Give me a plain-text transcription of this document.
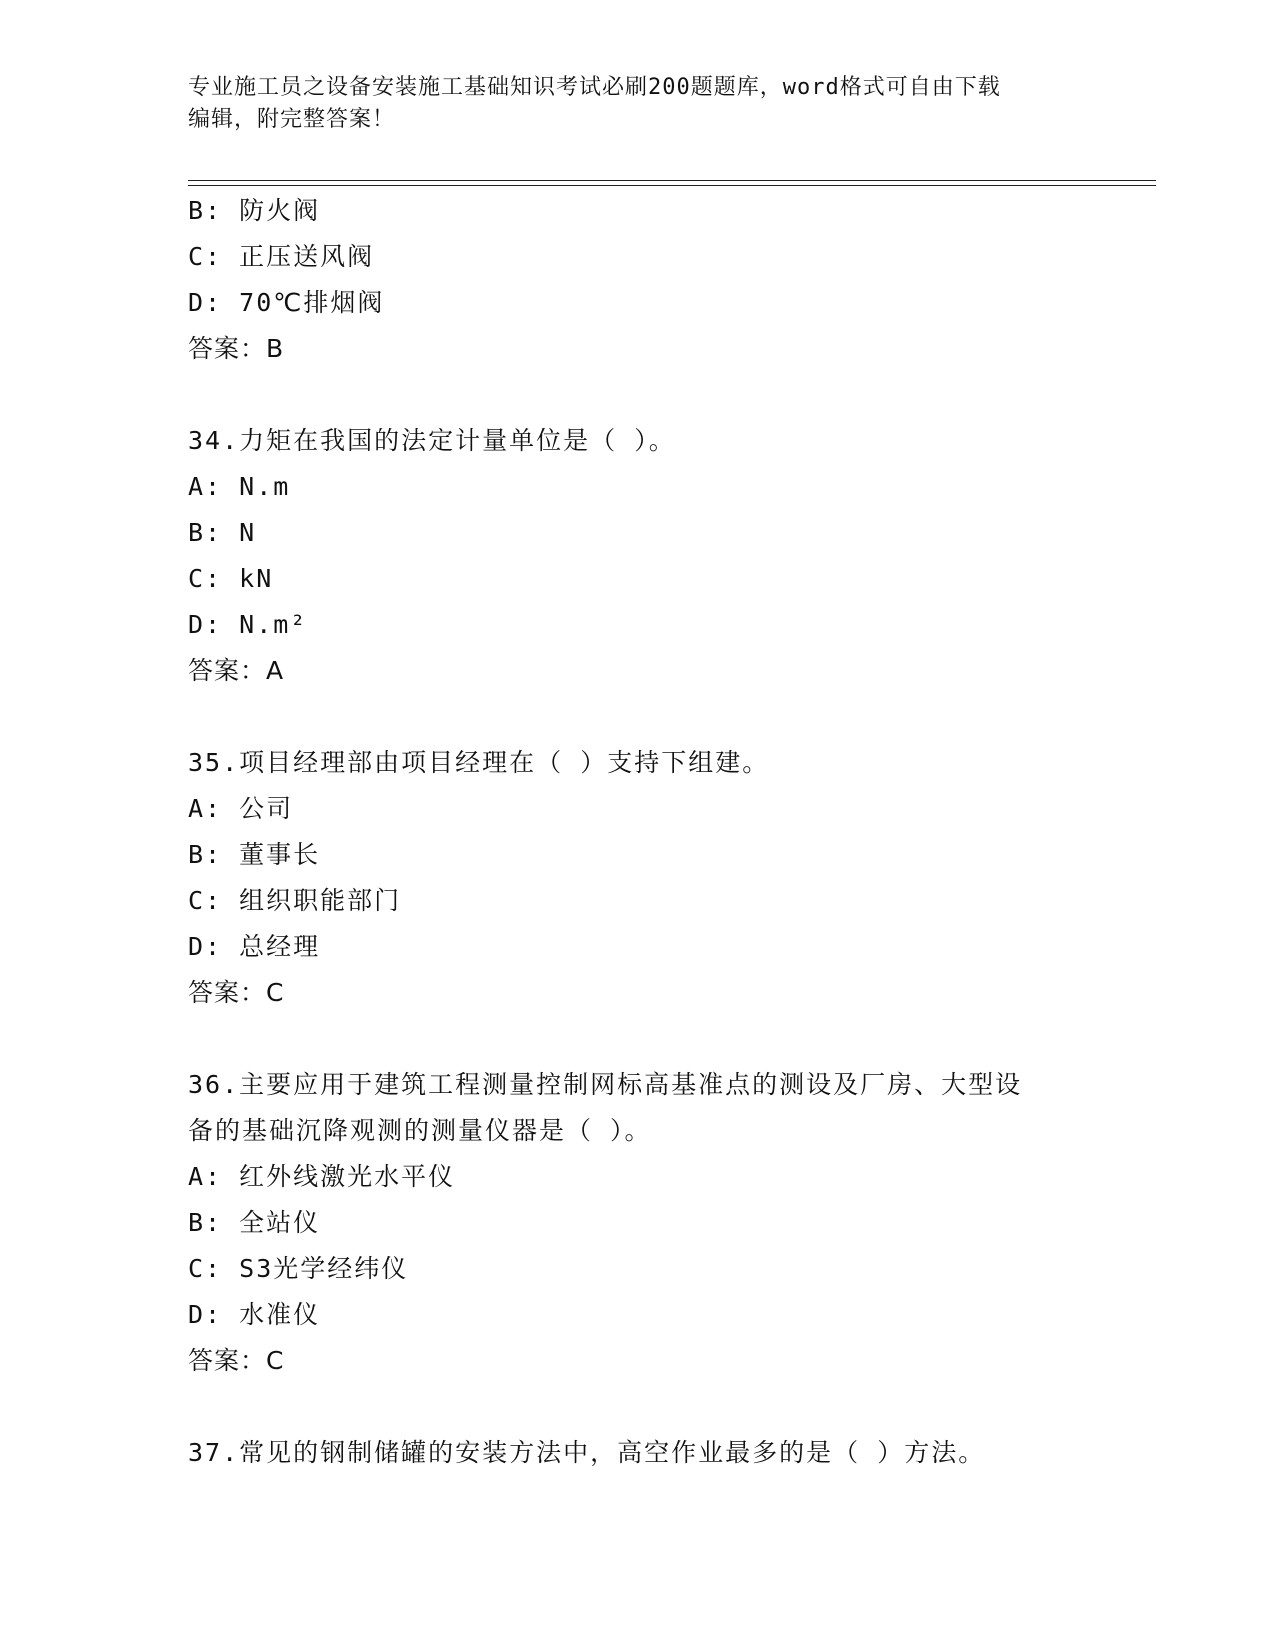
专业施工员之设备安装施工基础知识考试必刷200题题库，word格式可自由下载
编辑，附完整答案！
B: 防火阀
C: 正压送风阀
D: 70℃排烟阀
答案：B
34.力矩在我国的法定计量单位是（ ）。
A: N.m
B: N
C: kN
D: N.m²
答案：A
35.项目经理部由项目经理在（ ）支持下组建。
A: 公司
B: 董事长
C: 组织职能部门
D: 总经理
答案：C
36.主要应用于建筑工程测量控制网标高基准点的测设及厂房、大型设
备的基础沉降观测的测量仪器是（ ）。
A: 红外线激光水平仪
B: 全站仪
C: S3光学经纬仪
D: 水准仪
答案：C
37.常见的钢制储罐的安装方法中，高空作业最多的是（ ）方法。
